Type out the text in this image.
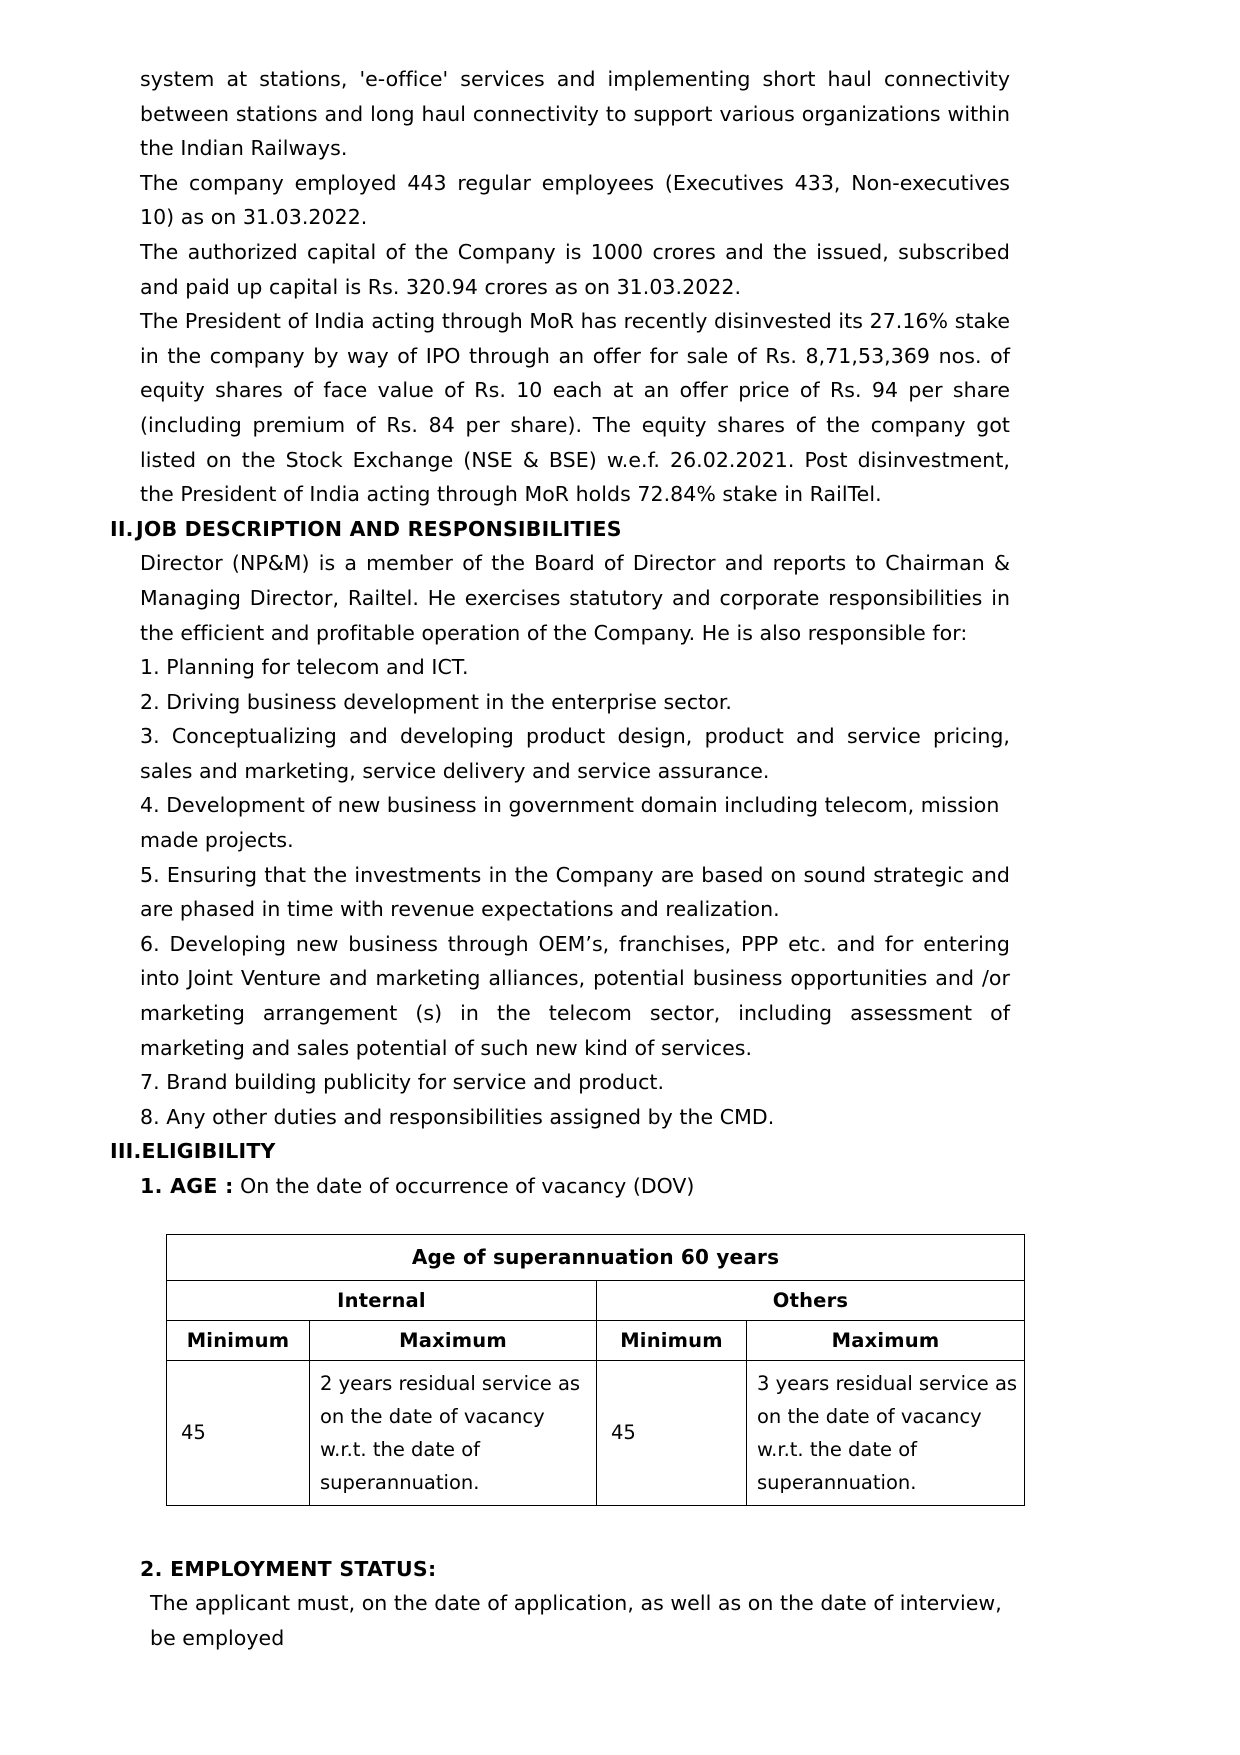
system at stations, 'e-office' services and implementing short haul connectivity between stations and long haul connectivity to support various organizations within the Indian Railways.

The company employed 443 regular employees (Executives 433, Non-executives 10) as on 31.03.2022.

The authorized capital of the Company is 1000 crores and the issued, subscribed and paid up capital is Rs. 320.94 crores as on 31.03.2022.

The President of India acting through MoR has recently disinvested its 27.16% stake in the company by way of IPO through an offer for sale of Rs. 8,71,53,369 nos. of equity shares of face value of Rs. 10 each at an offer price of Rs. 94 per share (including premium of Rs. 84 per share). The equity shares of the company got listed on the Stock Exchange (NSE & BSE) w.e.f. 26.02.2021. Post disinvestment, the President of India acting through MoR holds 72.84% stake in RailTel.

II. JOB DESCRIPTION AND RESPONSIBILITIES

Director (NP&M) is a member of the Board of Director and reports to Chairman & Managing Director, Railtel. He exercises statutory and corporate responsibilities in the efficient and profitable operation of the Company. He is also responsible for:

1. Planning for telecom and ICT.

2. Driving business development in the enterprise sector.

3. Conceptualizing and developing product design, product and service pricing, sales and marketing, service delivery and service assurance.

4. Development of new business in government domain including telecom, mission made projects.

5. Ensuring that the investments in the Company are based on sound strategic and are phased in time with revenue expectations and realization.

6. Developing new business through OEM’s, franchises, PPP etc. and for entering into Joint Venture and marketing alliances, potential business opportunities and /or marketing arrangement (s) in the telecom sector, including assessment of marketing and sales potential of such new kind of services.

7. Brand building publicity for service and product.

8. Any other duties and responsibilities assigned by the CMD.

III.ELIGIBILITY

1. AGE : On the date of occurrence of vacancy (DOV)

Age of superannuation 60 years			
Internal		Others	
Minimum	Maximum	Minimum	Maximum
45	2 years residual service as on the date of vacancy w.r.t. the date of superannuation.	45	3 years residual service as on the date of vacancy w.r.t. the date of superannuation.

2. EMPLOYMENT STATUS:

The applicant must, on the date of application, as well as on the date of interview, be employed
